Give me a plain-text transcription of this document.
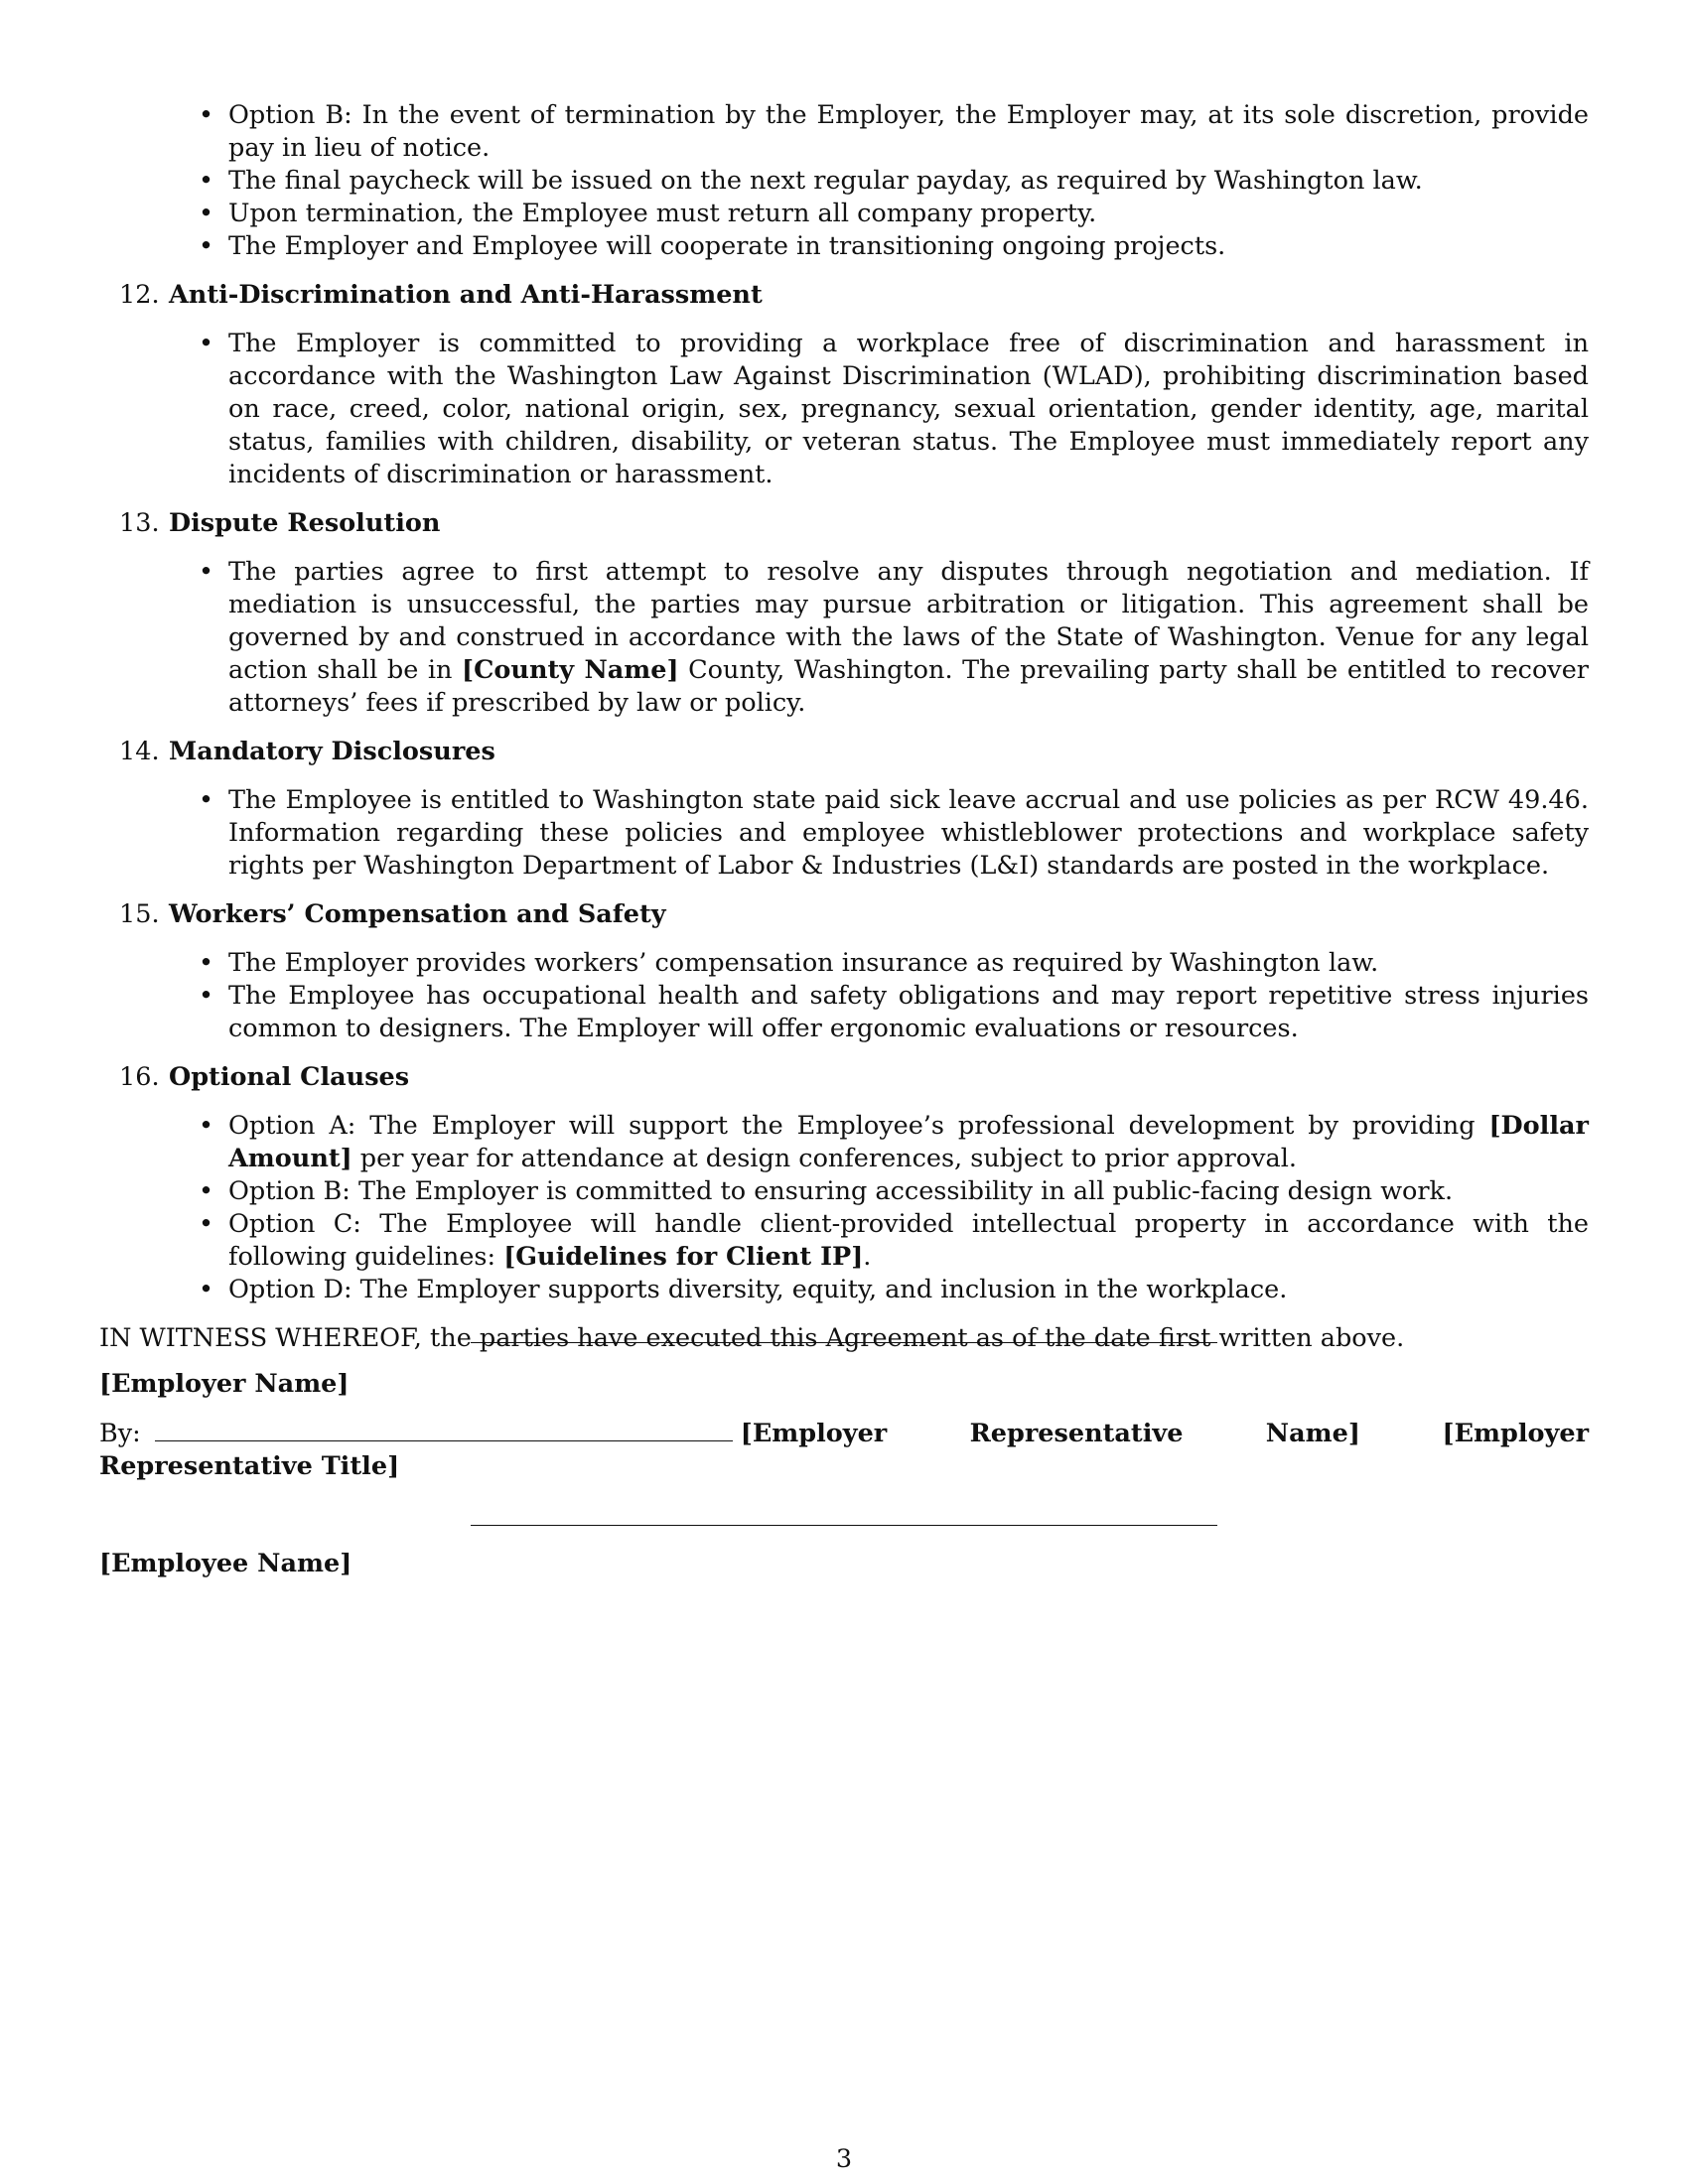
• Option B: In the event of termination by the Employer, the Employer may, at its sole discretion, provide pay in lieu of notice.
• The final paycheck will be issued on the next regular payday, as required by Washington law.
• Upon termination, the Employee must return all company property.
• The Employer and Employee will cooperate in transitioning ongoing projects.
12. Anti-Discrimination and Anti-Harassment
• The Employer is committed to providing a workplace free of discrimination and harassment in accordance with the Washington Law Against Discrimination (WLAD), prohibiting discrimination based on race, creed, color, national origin, sex, pregnancy, sexual orientation, gender identity, age, marital status, families with children, disability, or veteran status. The Employee must immediately report any incidents of discrimination or harassment.
13. Dispute Resolution
• The parties agree to first attempt to resolve any disputes through negotiation and mediation. If mediation is unsuccessful, the parties may pursue arbitration or litigation. This agreement shall be governed by and construed in accordance with the laws of the State of Washington. Venue for any legal action shall be in [County Name] County, Washington. The prevailing party shall be entitled to recover attorneys’ fees if prescribed by law or policy.
14. Mandatory Disclosures
• The Employee is entitled to Washington state paid sick leave accrual and use policies as per RCW 49.46. Information regarding these policies and employee whistleblower protections and workplace safety rights per Washington Department of Labor & Industries (L&I) standards are posted in the workplace.
15. Workers’ Compensation and Safety
• The Employer provides workers’ compensation insurance as required by Washington law.
• The Employee has occupational health and safety obligations and may report repetitive stress injuries common to designers. The Employer will offer ergonomic evaluations or resources.
16. Optional Clauses
• Option A: The Employer will support the Employee’s professional development by providing [Dollar Amount] per year for attendance at design conferences, subject to prior approval.
• Option B: The Employer is committed to ensuring accessibility in all public-facing design work.
• Option C: The Employee will handle client-provided intellectual property in accordance with the following guidelines: [Guidelines for Client IP].
• Option D: The Employer supports diversity, equity, and inclusion in the workplace.
IN WITNESS WHEREOF, the parties have executed this Agreement as of the date first written above.
[Employer Name]
By:	[Employer Representative Name]	[Employer Representative Title]
[Employee Name]
3
